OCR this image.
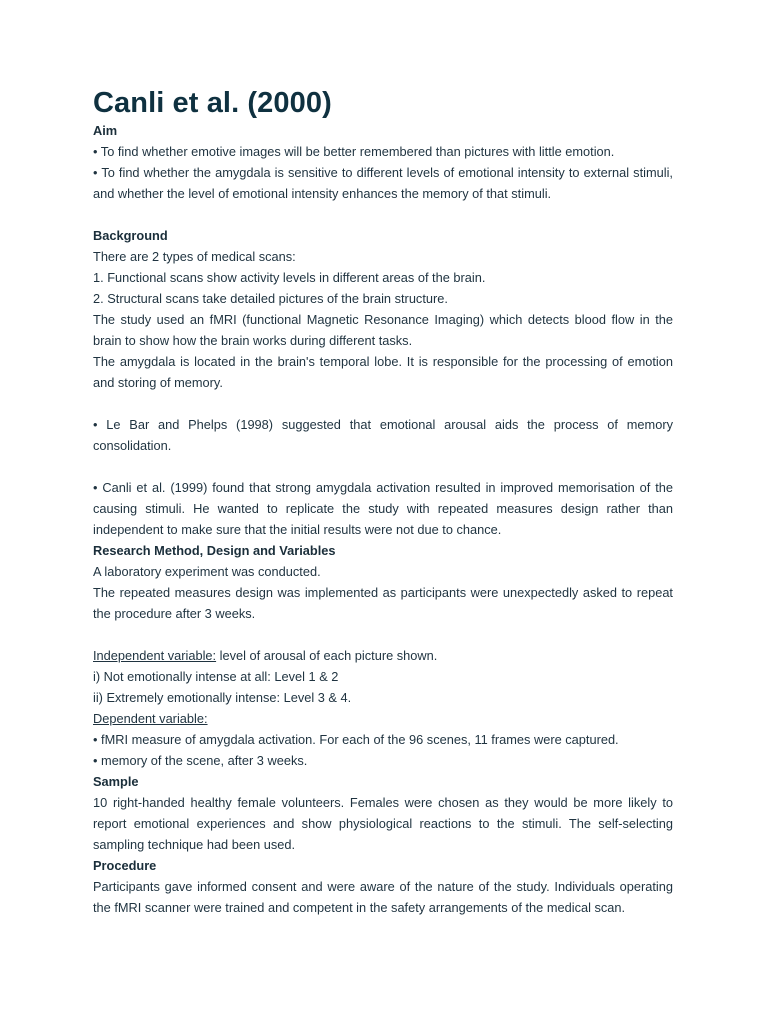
Canli et al. (2000)
Aim
• To find whether emotive images will be better remembered than pictures with little emotion.
• To find whether the amygdala is sensitive to different levels of emotional intensity to external stimuli, and whether the level of emotional intensity enhances the memory of that stimuli.
Background
There are 2 types of medical scans:
1. Functional scans show activity levels in different areas of the brain.
2. Structural scans take detailed pictures of the brain structure.
The study used an fMRI (functional Magnetic Resonance Imaging) which detects blood flow in the brain to show how the brain works during different tasks.
The amygdala is located in the brain's temporal lobe. It is responsible for the processing of emotion and storing of memory.
• Le Bar and Phelps (1998) suggested that emotional arousal aids the process of memory consolidation.
• Canli et al. (1999) found that strong amygdala activation resulted in improved memorisation of the causing stimuli. He wanted to replicate the study with repeated measures design rather than independent to make sure that the initial results were not due to chance.
Research Method, Design and Variables
A laboratory experiment was conducted.
The repeated measures design was implemented as participants were unexpectedly asked to repeat the procedure after 3 weeks.
Independent variable: level of arousal of each picture shown.
i) Not emotionally intense at all: Level 1 & 2
ii) Extremely emotionally intense: Level 3 & 4.
Dependent variable:
• fMRI measure of amygdala activation. For each of the 96 scenes, 11 frames were captured.
• memory of the scene, after 3 weeks.
Sample
10 right-handed healthy female volunteers. Females were chosen as they would be more likely to report emotional experiences and show physiological reactions to the stimuli. The self-selecting sampling technique had been used.
Procedure
Participants gave informed consent and were aware of the nature of the study. Individuals operating the fMRI scanner were trained and competent in the safety arrangements of the medical scan.
